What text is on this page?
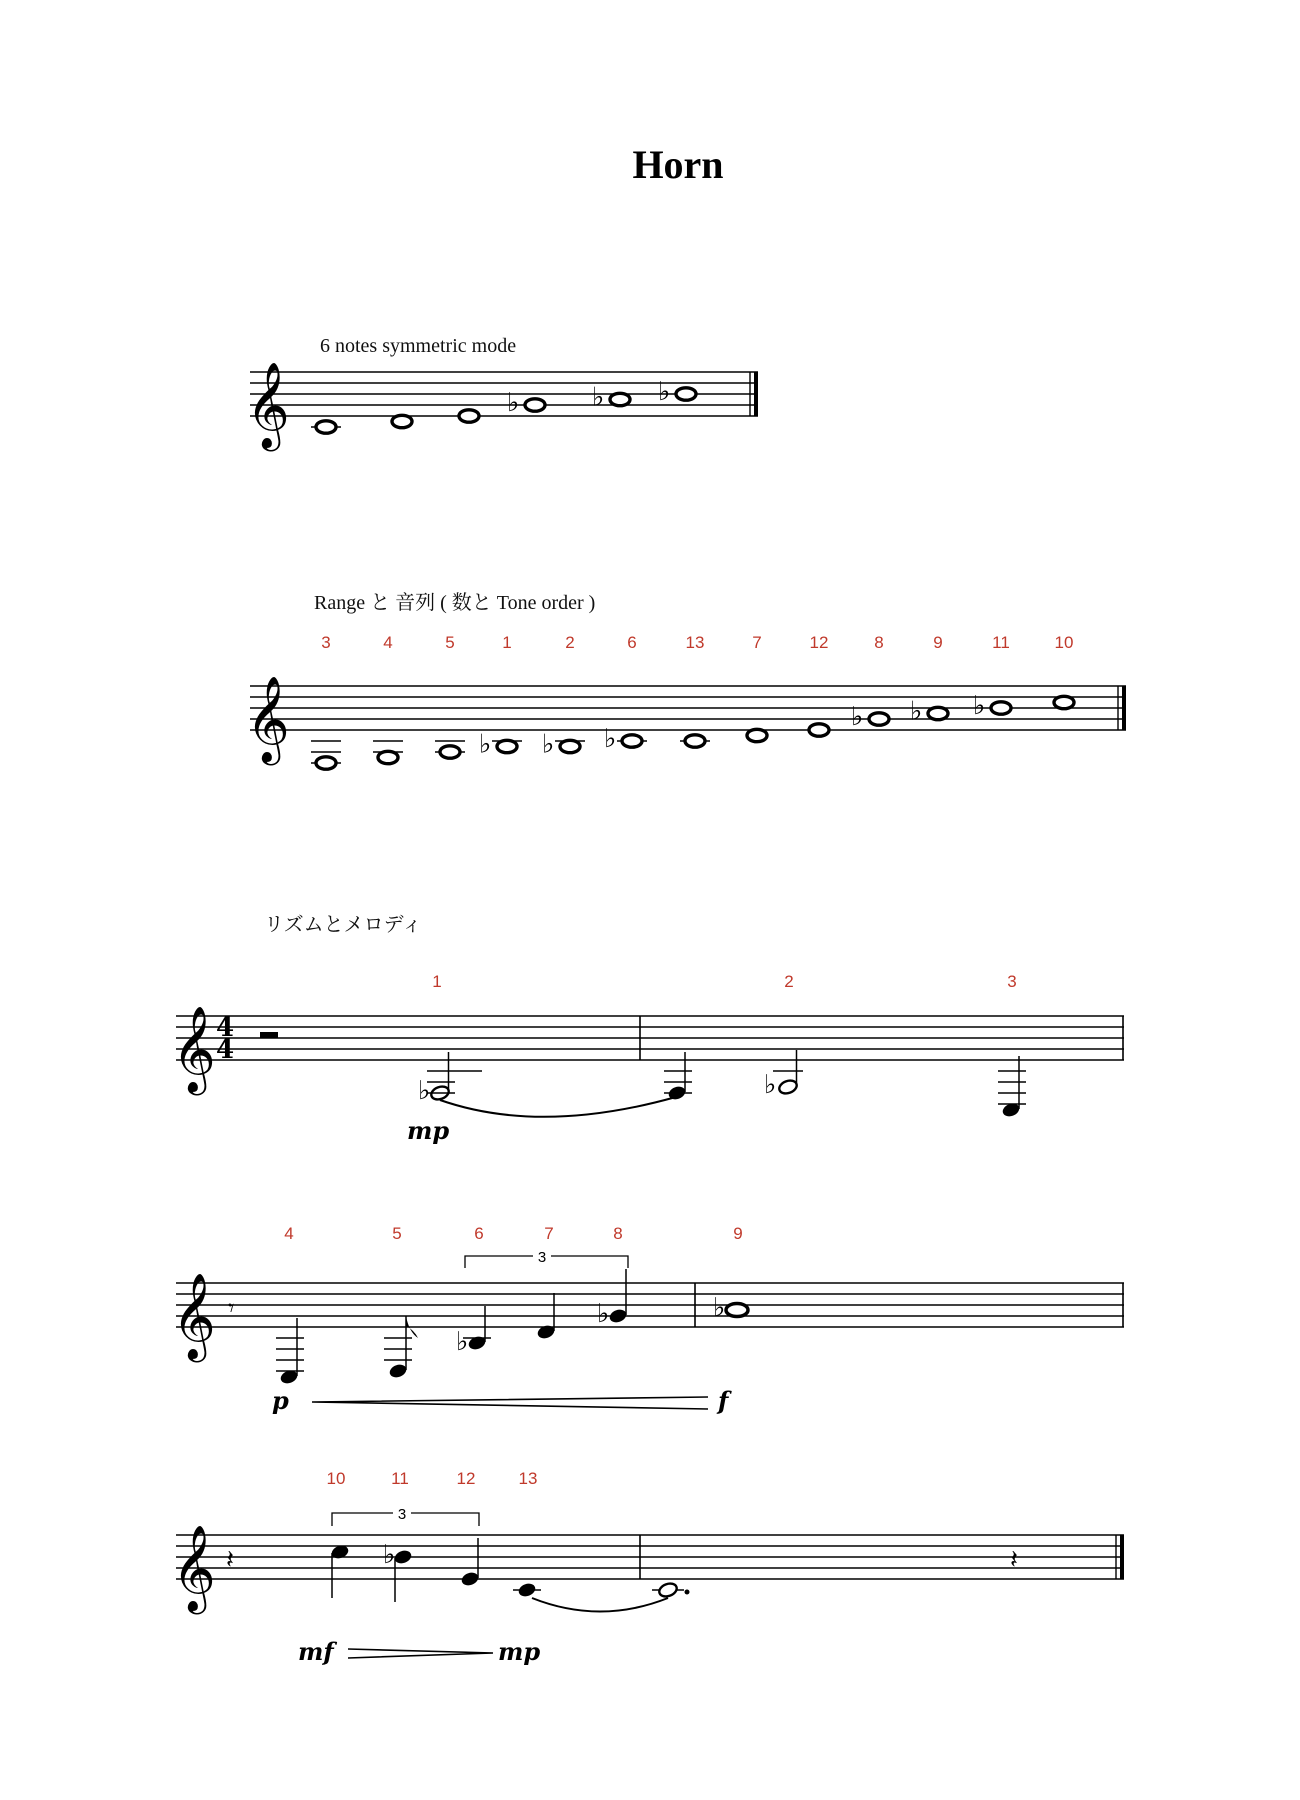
Horn
6 notes symmetric mode
𝄞	♭	♭ ♭
Range と 音列 ( 数と Tone order )
𝄞
3	4	5
♭
1
♭
2
♭
6	13	7	12
♭
8
♭
9
♭
11	10
リズムとメロディ
𝄞 4
4
1	2	3
♭	♭
mp
𝄞 𝄾
4	5	6	7	8	9
3
♭
♭	♭
p	f
𝄞 𝄽	𝄽
10	11	12	13
3
♭
mf	mp
